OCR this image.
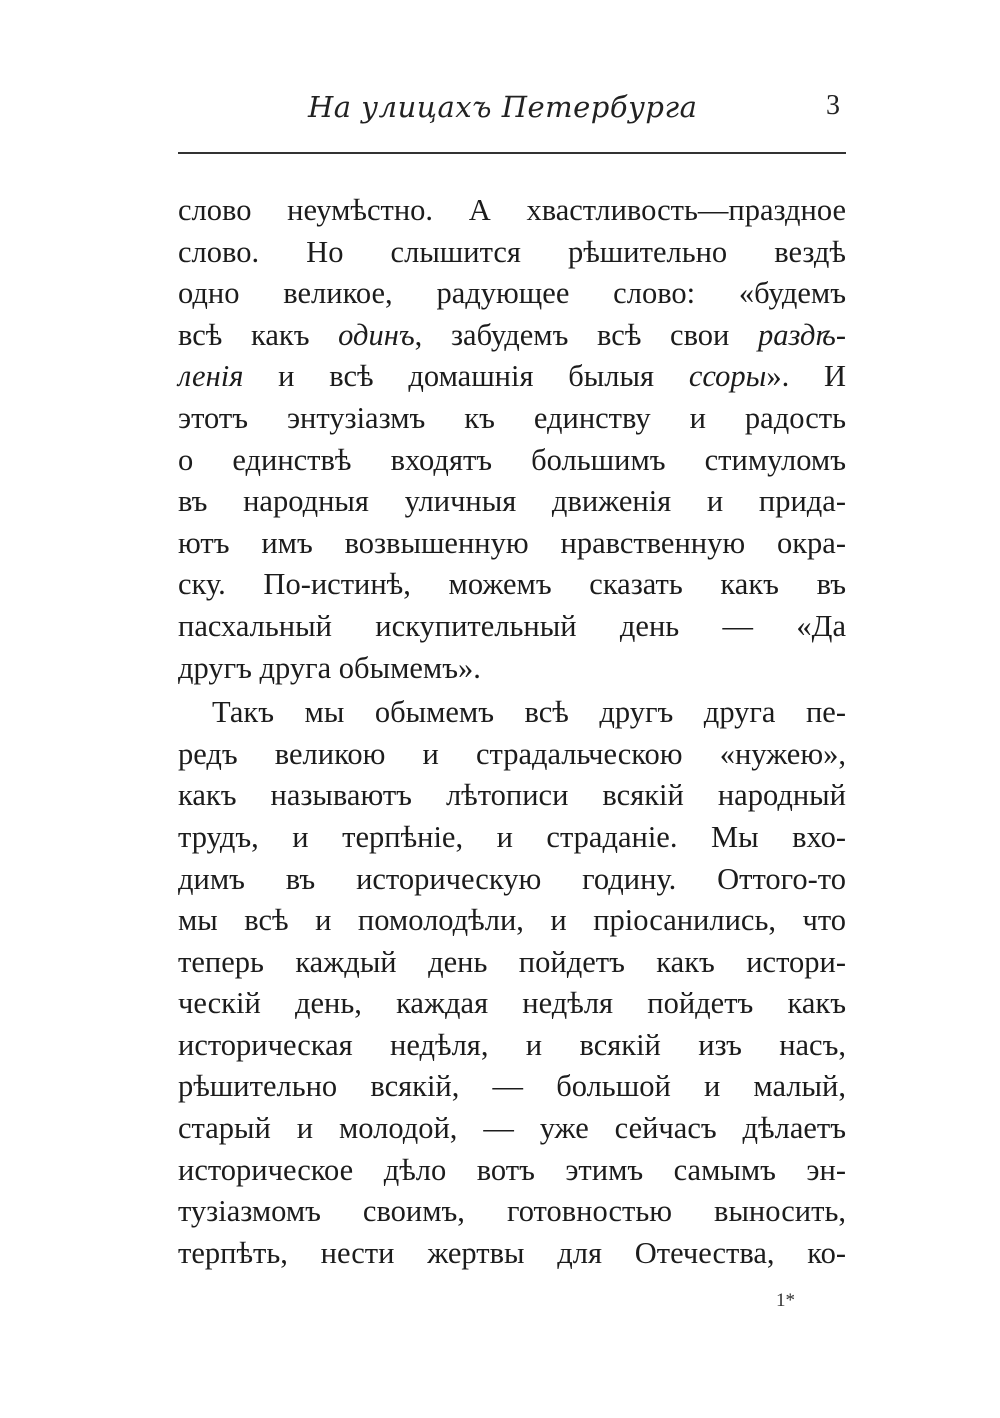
На улицахъ Петербурга	3
слово неумѣстно. А хвастливость—праздное
слово. Но слышится рѣшительно вездѣ
одно великое, радующее слово: «будемъ
всѣ какъ одинъ, забудемъ всѣ свои раздѣ-
ленія и всѣ домашнія былыя ссоры». И
этотъ энтузіазмъ къ единству и радость
о единствѣ входятъ большимъ стимуломъ
въ народныя уличныя движенія и прида-
ютъ имъ возвышенную нравственную окра-
ску. По-истинѣ, можемъ сказать какъ въ
пасхальный искупительный день — «Да
другъ друга обымемъ».
Такъ мы обымемъ всѣ другъ друга пе-
редъ великою и страдальческою «нужею»,
какъ называютъ лѣтописи всякій народный
трудъ, и терпѣніе, и страданіе. Мы вхо-
димъ въ историческую годину. Оттого-то
мы всѣ и помолодѣли, и пріосанились, что
теперь каждый день пойдетъ какъ истори-
ческій день, каждая недѣля пойдетъ какъ
историческая недѣля, и всякій изъ насъ,
рѣшительно всякій, — большой и малый,
старый и молодой, — уже сейчасъ дѣлаетъ
историческое дѣло вотъ этимъ самымъ эн-
тузіазмомъ своимъ, готовностью выносить,
терпѣть, нести жертвы для Отечества, ко-
1*
